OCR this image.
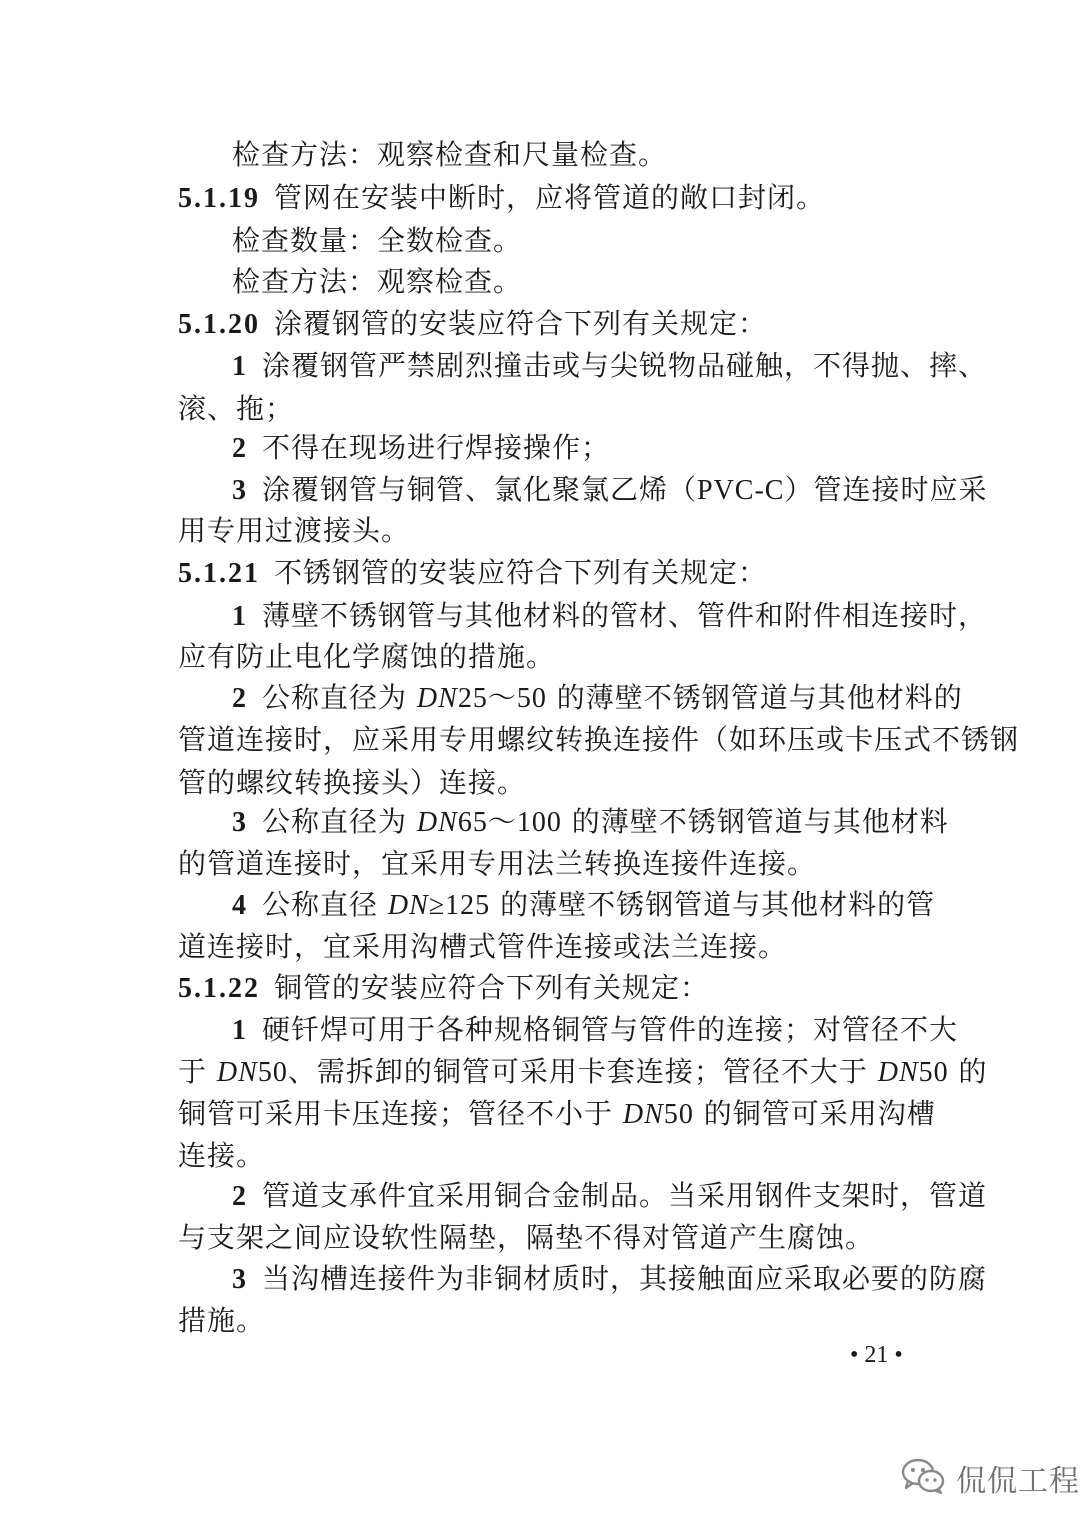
检查方法：观察检查和尺量检查。
5.1.19 管网在安装中断时，应将管道的敞口封闭。
检查数量：全数检查。
检查方法：观察检查。
5.1.20 涂覆钢管的安装应符合下列有关规定：
1 涂覆钢管严禁剧烈撞击或与尖锐物品碰触，不得抛、摔、
滚、拖；
2 不得在现场进行焊接操作；
3 涂覆钢管与铜管、氯化聚氯乙烯（PVC-C）管连接时应采
用专用过渡接头。
5.1.21 不锈钢管的安装应符合下列有关规定：
1 薄壁不锈钢管与其他材料的管材、管件和附件相连接时，
应有防止电化学腐蚀的措施。
2 公称直径为 DN25～50 的薄壁不锈钢管道与其他材料的
管道连接时，应采用专用螺纹转换连接件（如环压或卡压式不锈钢
管的螺纹转换接头）连接。
3 公称直径为 DN65～100 的薄壁不锈钢管道与其他材料
的管道连接时，宜采用专用法兰转换连接件连接。
4 公称直径 DN≥125 的薄壁不锈钢管道与其他材料的管
道连接时，宜采用沟槽式管件连接或法兰连接。
5.1.22 铜管的安装应符合下列有关规定：
1 硬钎焊可用于各种规格铜管与管件的连接；对管径不大
于 DN50、需拆卸的铜管可采用卡套连接；管径不大于 DN50 的
铜管可采用卡压连接；管径不小于 DN50 的铜管可采用沟槽
连接。
2 管道支承件宜采用铜合金制品。当采用钢件支架时，管道
与支架之间应设软性隔垫，隔垫不得对管道产生腐蚀。
3 当沟槽连接件为非铜材质时，其接触面应采取必要的防腐
措施。
• 21 •
侃侃工程
